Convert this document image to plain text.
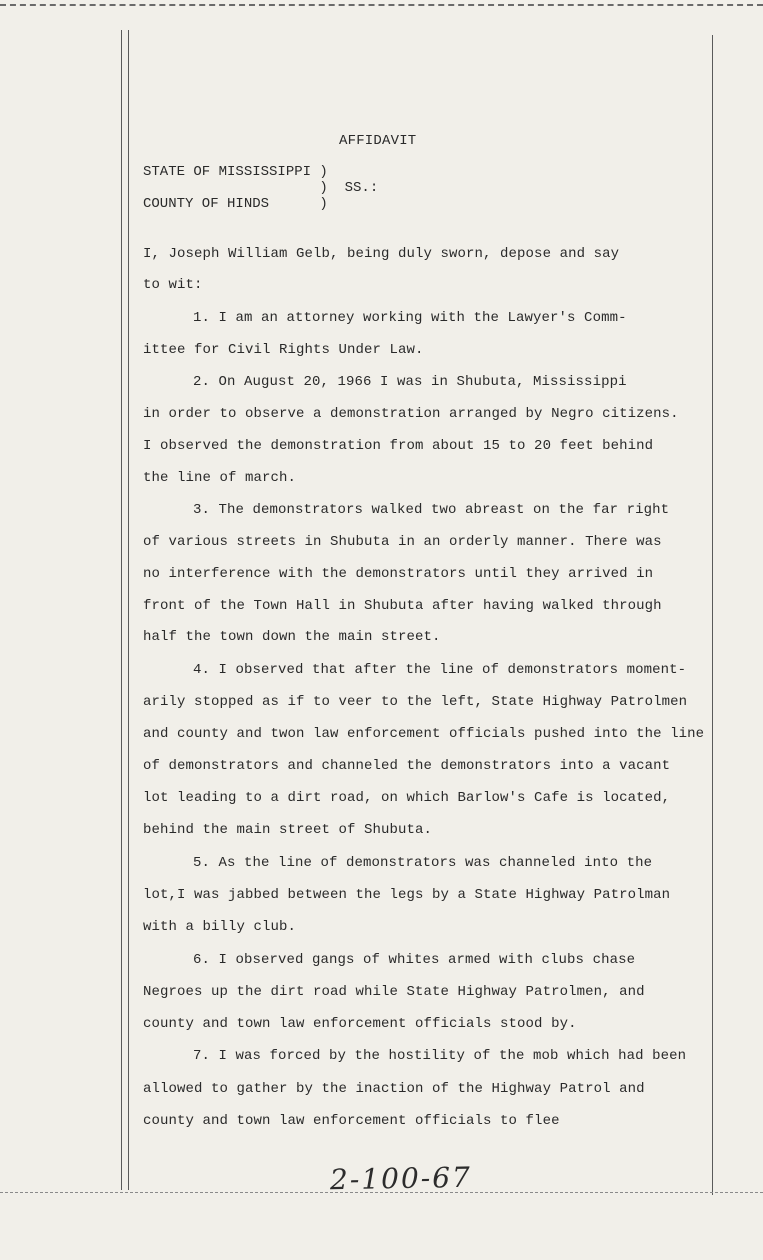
AFFIDAVIT
STATE OF MISSISSIPPI )
)  SS.:
COUNTY OF HINDS      )
I, Joseph William Gelb, being duly sworn, depose and say
to wit:
1. I am an attorney working with the Lawyer's Comm-
ittee for Civil Rights Under Law.
2. On August 20, 1966 I was in Shubuta, Mississippi
in order to observe a demonstration arranged by Negro citizens.
I observed the demonstration from about 15 to 20 feet behind
the line of march.
3. The demonstrators walked two abreast on the far right
of various streets in Shubuta in an orderly manner. There was
no interference with the demonstrators until they arrived in
front of the Town Hall in Shubuta after having walked through
half the town down the main street.
4. I observed that after the line of demonstrators moment-
arily stopped as if to veer to the left, State Highway Patrolmen
and county and twon law enforcement officials pushed into the line
of demonstrators and channeled the demonstrators into a vacant
lot leading to a dirt road, on which Barlow's Cafe is located,
behind the main street of Shubuta.
5. As the line of demonstrators was channeled into the
lot,I was jabbed between the legs by a State Highway Patrolman
with a billy club.
6. I observed gangs of whites armed with clubs chase
Negroes up the dirt road while State Highway Patrolmen, and
county and town law enforcement officials stood by.
7. I was forced by the hostility of the mob which had been
allowed to gather by the inaction of the Highway Patrol and
county and town law enforcement officials to flee
2-100-67
